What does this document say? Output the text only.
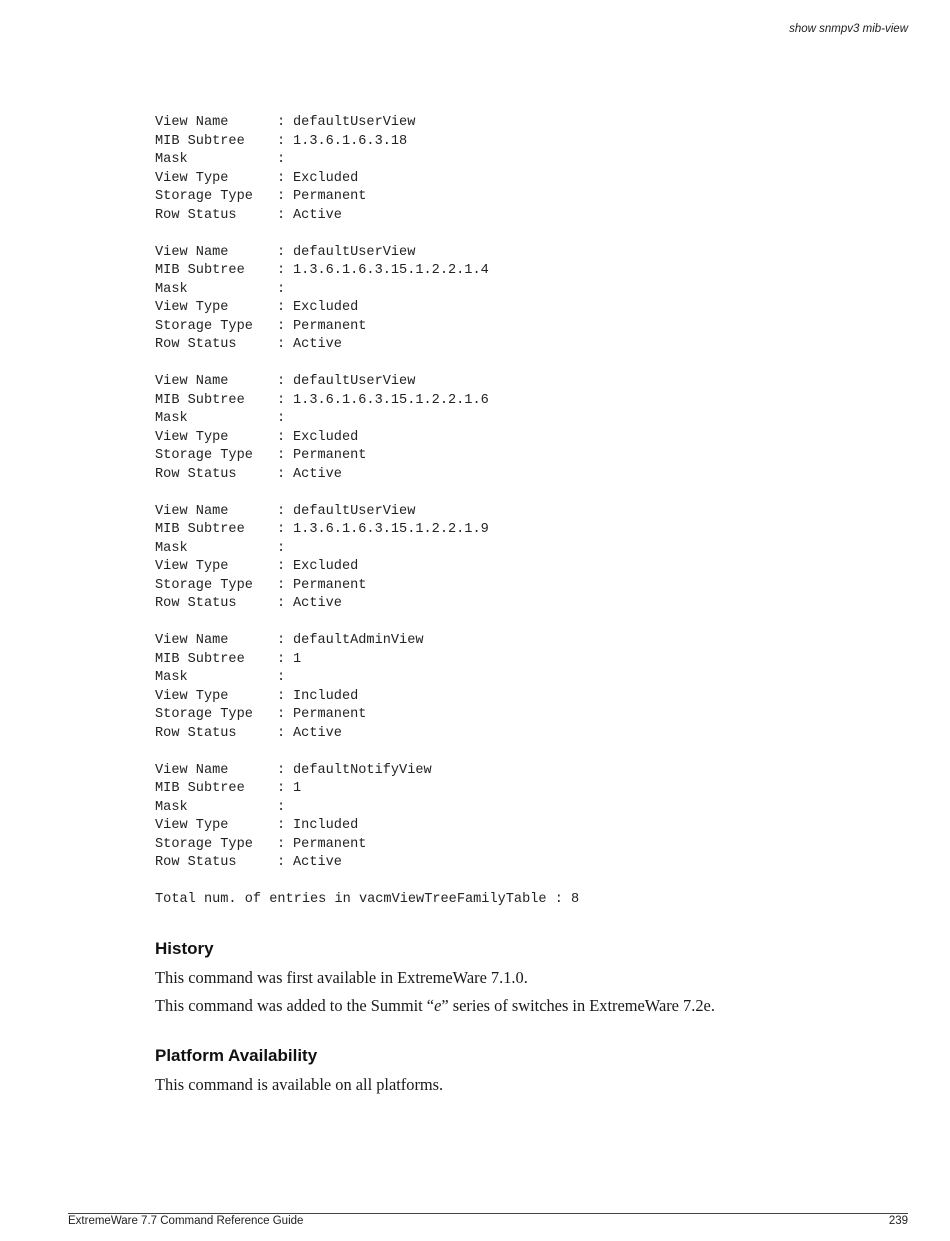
show snmpv3 mib-view
View Name	: defaultUserView
MIB Subtree : 1.3.6.1.6.3.18
Mask	:
View Type	: Excluded
Storage Type : Permanent
Row Status	: Active
View Name	: defaultUserView
MIB Subtree : 1.3.6.1.6.3.15.1.2.2.1.4
Mask	:
View Type	: Excluded
Storage Type : Permanent
Row Status	: Active
View Name	: defaultUserView
MIB Subtree : 1.3.6.1.6.3.15.1.2.2.1.6
Mask	:
View Type	: Excluded
Storage Type : Permanent
Row Status	: Active
View Name	: defaultUserView
MIB Subtree : 1.3.6.1.6.3.15.1.2.2.1.9
Mask	:
View Type	: Excluded
Storage Type : Permanent
Row Status	: Active
View Name	: defaultAdminView
MIB Subtree : 1
Mask	:
View Type	: Included
Storage Type : Permanent
Row Status	: Active
View Name	: defaultNotifyView
MIB Subtree : 1
Mask	:
View Type	: Included
Storage Type : Permanent
Row Status	: Active
Total num. of entries in vacmViewTreeFamilyTable : 8
History
This command was first available in ExtremeWare 7.1.0.
This command was added to the Summit “e” series of switches in ExtremeWare 7.2e.
Platform Availability
This command is available on all platforms.
ExtremeWare 7.7 Command Reference Guide	239
